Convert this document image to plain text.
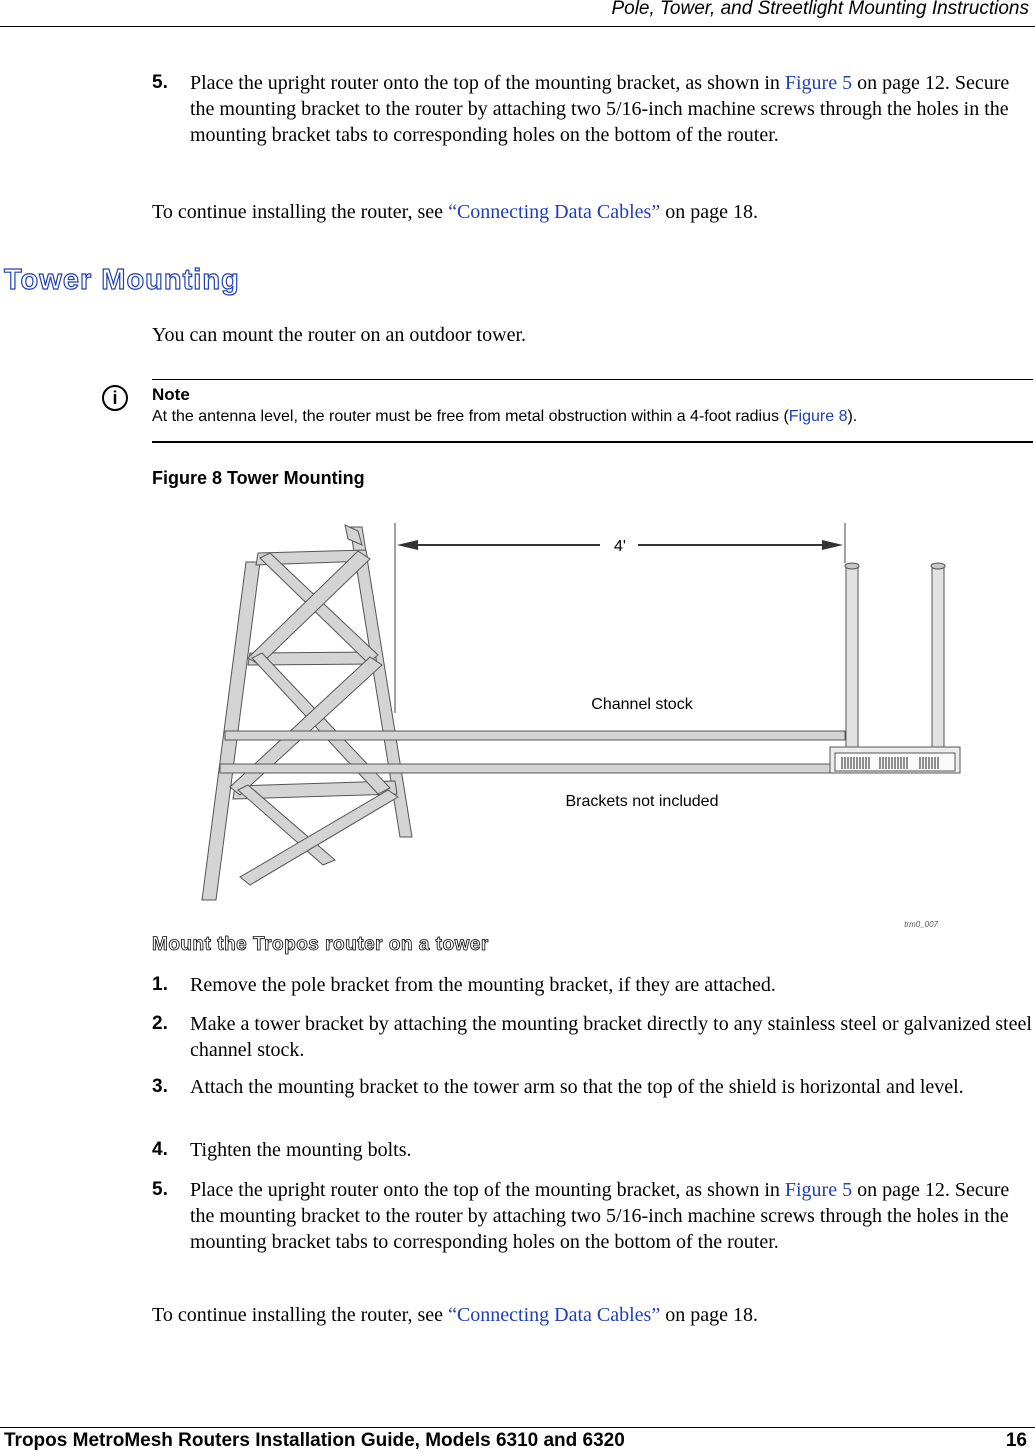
Pole, Tower, and Streetlight Mounting Instructions
5. Place the upright router onto the top of the mounting bracket, as shown in Figure 5 on page 12. Secure the mounting bracket to the router by attaching two 5/16-inch machine screws through the holes in the mounting bracket tabs to corresponding holes on the bottom of the router.
To continue installing the router, see “Connecting Data Cables” on page 18.
Tower Mounting
You can mount the router on an outdoor tower.
i	Note
At the antenna level, the router must be free from metal obstruction within a 4-foot radius (Figure 8).
Figure 8 Tower Mounting
4'
Channel stock
Brackets not included
trm0_007
Mount the Tropos router on a tower
1. Remove the pole bracket from the mounting bracket, if they are attached.
2. Make a tower bracket by attaching the mounting bracket directly to any stainless steel or galvanized steel channel stock.
3. Attach the mounting bracket to the tower arm so that the top of the shield is horizontal and level.
4. Tighten the mounting bolts.
5. Place the upright router onto the top of the mounting bracket, as shown in Figure 5 on page 12. Secure the mounting bracket to the router by attaching two 5/16-inch machine screws through the holes in the mounting bracket tabs to corresponding holes on the bottom of the router.
To continue installing the router, see “Connecting Data Cables” on page 18.
Tropos MetroMesh Routers Installation Guide, Models 6310 and 6320	16
